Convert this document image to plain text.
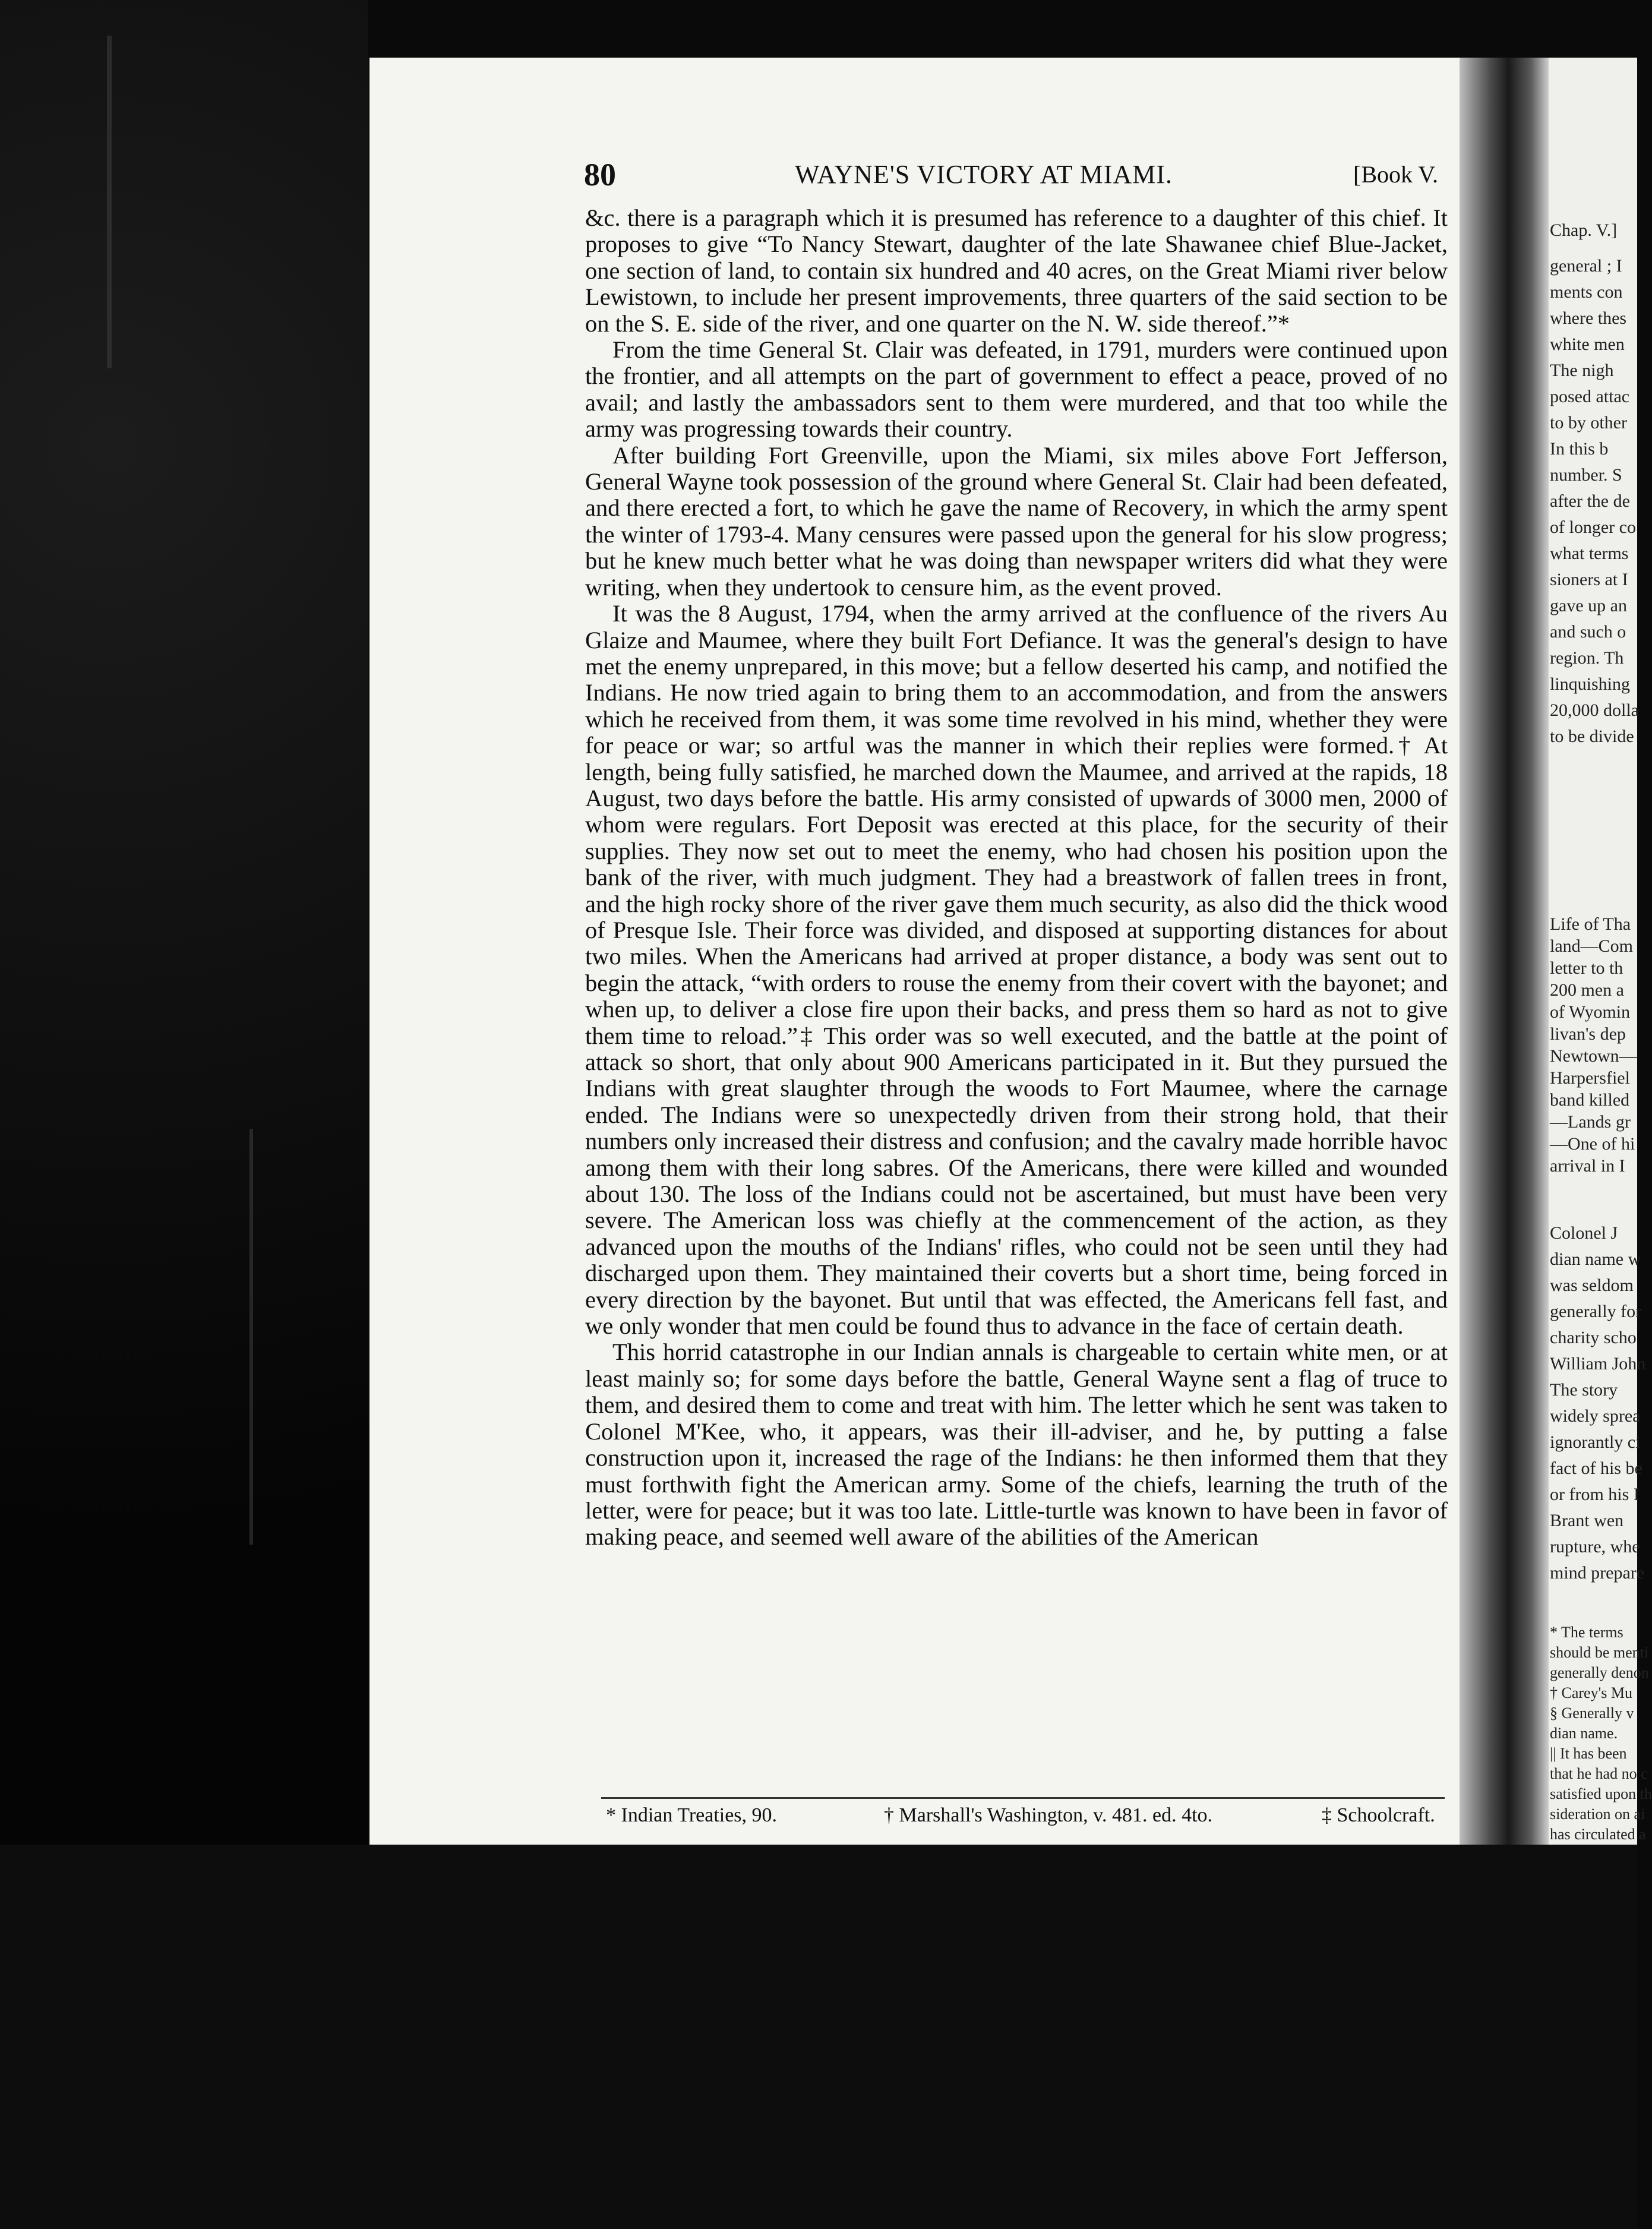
80	WAYNE'S VICTORY AT MIAMI.	[Book V.

&c. there is a paragraph which it is presumed has reference to a daughter of this chief. It proposes to give “To Nancy Stewart, daughter of the late Shawanee chief Blue-Jacket, one section of land, to contain six hundred and 40 acres, on the Great Miami river below Lewistown, to include her present improvements, three quarters of the said section to be on the S. E. side of the river, and one quarter on the N. W. side thereof.”*

From the time General St. Clair was defeated, in 1791, murders were continued upon the frontier, and all attempts on the part of government to effect a peace, proved of no avail; and lastly the ambassadors sent to them were murdered, and that too while the army was progressing towards their country.

After building Fort Greenville, upon the Miami, six miles above Fort Jefferson, General Wayne took possession of the ground where General St. Clair had been defeated, and there erected a fort, to which he gave the name of Recovery, in which the army spent the winter of 1793-4. Many censures were passed upon the general for his slow progress; but he knew much better what he was doing than newspaper writers did what they were writing, when they undertook to censure him, as the event proved.

It was the 8 August, 1794, when the army arrived at the confluence of the rivers Au Glaize and Maumee, where they built Fort Defiance. It was the general's design to have met the enemy unprepared, in this move; but a fellow deserted his camp, and notified the Indians. He now tried again to bring them to an accommodation, and from the answers which he received from them, it was some time revolved in his mind, whether they were for peace or war; so artful was the manner in which their replies were formed.† At length, being fully satisfied, he marched down the Maumee, and arrived at the rapids, 18 August, two days before the battle. His army consisted of upwards of 3000 men, 2000 of whom were regulars. Fort Deposit was erected at this place, for the security of their supplies. They now set out to meet the enemy, who had chosen his position upon the bank of the river, with much judgment. They had a breastwork of fallen trees in front, and the high rocky shore of the river gave them much security, as also did the thick wood of Presque Isle. Their force was divided, and disposed at supporting distances for about two miles. When the Americans had arrived at proper distance, a body was sent out to begin the attack, “with orders to rouse the enemy from their covert with the bayonet; and when up, to deliver a close fire upon their backs, and press them so hard as not to give them time to reload.”‡ This order was so well executed, and the battle at the point of attack so short, that only about 900 Americans participated in it. But they pursued the Indians with great slaughter through the woods to Fort Maumee, where the carnage ended. The Indians were so unexpectedly driven from their strong hold, that their numbers only increased their distress and confusion; and the cavalry made horrible havoc among them with their long sabres. Of the Americans, there were killed and wounded about 130. The loss of the Indians could not be ascertained, but must have been very severe. The American loss was chiefly at the commencement of the action, as they advanced upon the mouths of the Indians' rifles, who could not be seen until they had discharged upon them. They maintained their coverts but a short time, being forced in every direction by the bayonet. But until that was effected, the Americans fell fast, and we only wonder that men could be found thus to advance in the face of certain death.

This horrid catastrophe in our Indian annals is chargeable to certain white men, or at least mainly so; for some days before the battle, General Wayne sent a flag of truce to them, and desired them to come and treat with him. The letter which he sent was taken to Colonel M'Kee, who, it appears, was their ill-adviser, and he, by putting a false construction upon it, increased the rage of the Indians: he then informed them that they must forthwith fight the American army. Some of the chiefs, learning the truth of the letter, were for peace; but it was too late. Little-turtle was known to have been in favor of making peace, and seemed well aware of the abilities of the American

* Indian Treaties, 90.	† Marshall's Washington, v. 481. ed. 4to.	‡ Schoolcraft.
Chap. V.]
general ; I
ments con
where thes
white men
The nigh
posed attac
to by other
In this b
number. S
after the de
of longer co
what terms
sioners at I
gave up an
and such o
region. Th
linquishing
20,000 dolla
to be divide
Life of Tha
land—Com
letter to th
200 men a
of Wyomin
livan's dep
Newtown—
Harpersfiel
band killed
—Lands gr
—One of hi
arrival in I
Colonel J
dian name w
was seldom
generally for
charity scho
William John
The story
widely sprea
ignorantly ci
fact of his be
or from his I
Brant wen
rupture, whe
mind prepare
* The terms
should be menti
generally denon
† Carey's Mu
§ Generally v
dian name.
|| It has been
that he had no c
satisfied upon th
sideration on ai
has circulated a
